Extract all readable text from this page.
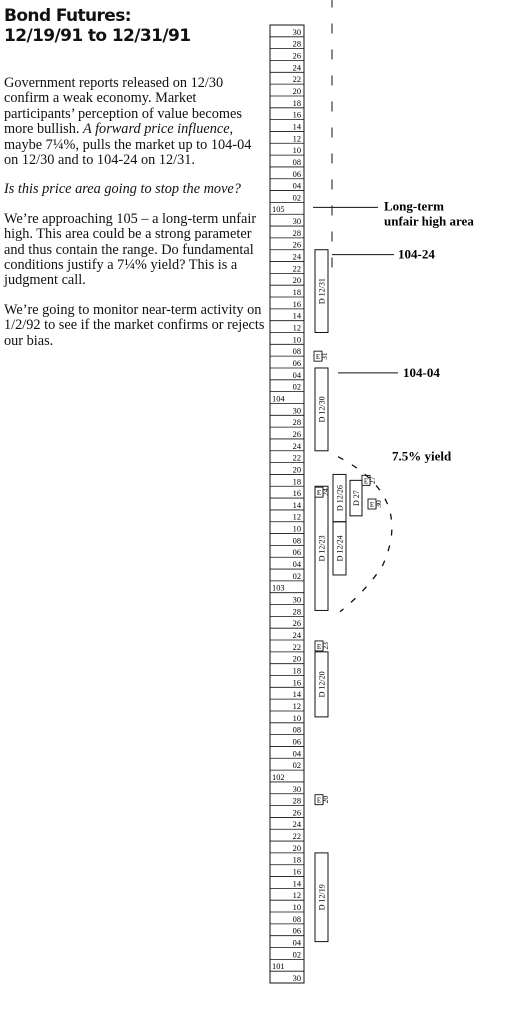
Bond Futures:
12/19/91 to 12/31/91

Government reports released on 12/30 confirm a weak economy. Market participants’ perception of value becomes more bullish. A forward price influence, maybe 7¼%, pulls the market up to 104-04 on 12/30 and to 104-24 on 12/31.

Is this price area going to stop the move?

We’re approaching 105 – a long-term unfair high. This area could be a strong parameter and thus contain the range. Do fundamental conditions justify a 7¼% yield? This is a judgment call.

We’re going to monitor near-term activity on 1/2/92 to see if the market confirms or rejects our bias.

30
28
26
24
22
20
18
16
14
12
10
08
06
04
02
105
30
28
26
24
22
20
18
16
14
12
10
08
06
04
02
104
30
28
26
24
22
20
18
16
14
12
10
08
06
04
02
103
30
28
26
24
22
20
18
16
14
12
10
08
06
04
02
102
30
28
26
24
22
20
18
16
14
12
10
08
06
04
02
101
30
D 12/31
D 12/30
D 12/26 D 27
D 12/24
D 12/23
D 12/20
D 12/19
E 31
E 27
E 30
E 24
E 23
E 20
Long-term
unfair high area
104-24
104-04
7.5% yield
